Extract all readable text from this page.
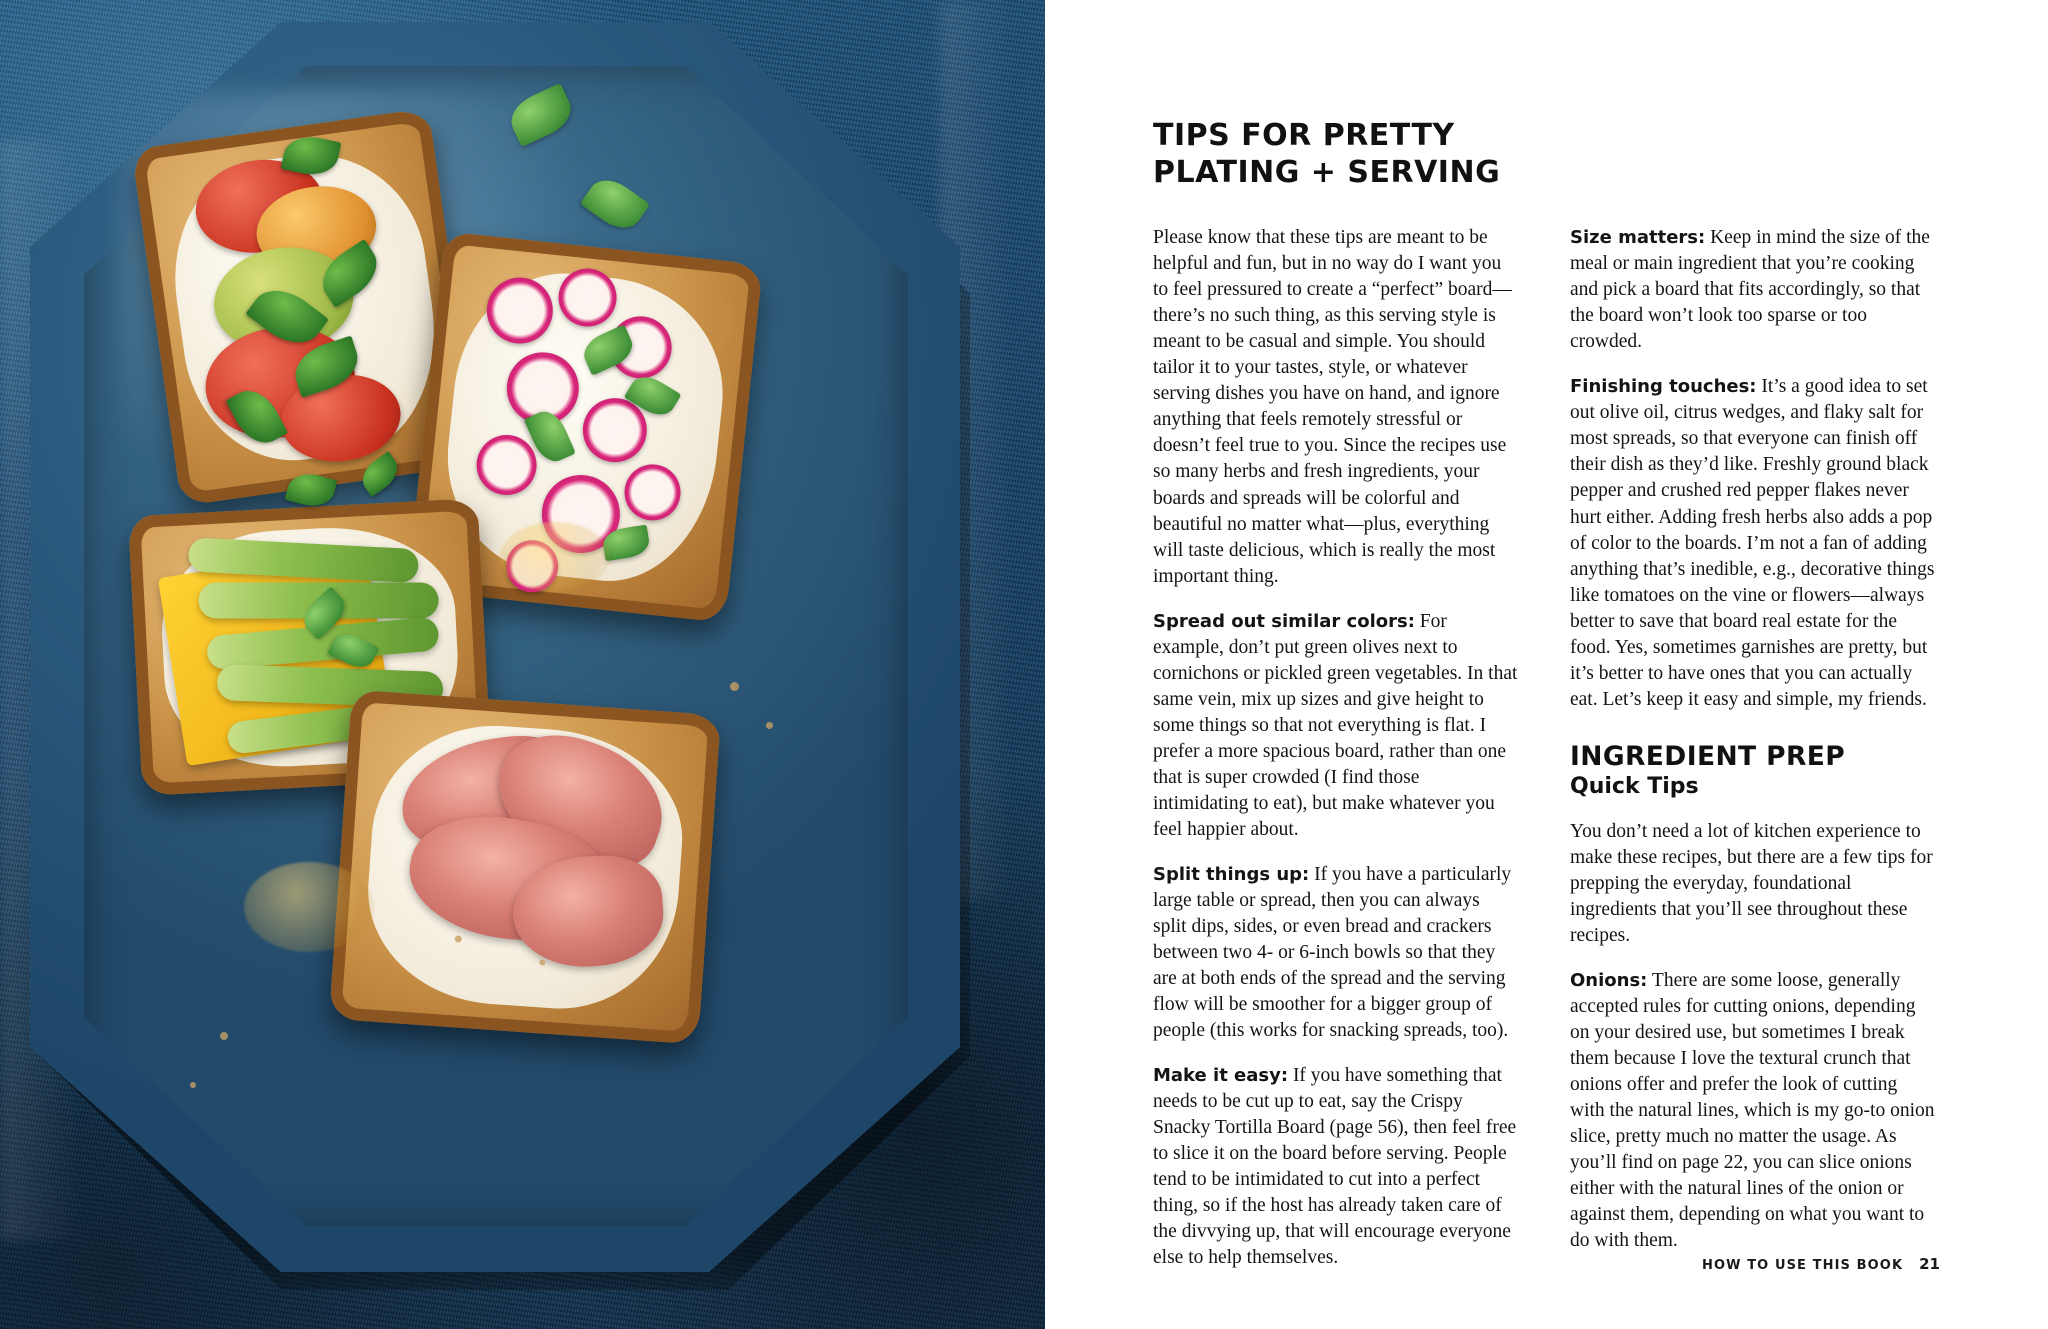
TIPS FOR PRETTY
PLATING + SERVING

Please know that these tips are meant to be helpful and fun, but in no way do I want you to feel pressured to create a “perfect” board—there’s no such thing, as this serving style is meant to be casual and simple. You should tailor it to your tastes, style, or whatever serving dishes you have on hand, and ignore anything that feels remotely stressful or doesn’t feel true to you. Since the recipes use so many herbs and fresh ingredients, your boards and spreads will be colorful and beautiful no matter what—plus, everything will taste delicious, which is really the most important thing.

Spread out similar colors: For example, don’t put green olives next to cornichons or pickled green vegetables. In that same vein, mix up sizes and give height to some things so that not everything is flat. I prefer a more spacious board, rather than one that is super crowded (I find those intimidating to eat), but make whatever you feel happier about.

Split things up: If you have a particularly large table or spread, then you can always split dips, sides, or even bread and crackers between two 4- or 6-inch bowls so that they are at both ends of the spread and the serving flow will be smoother for a bigger group of people (this works for snacking spreads, too).

Make it easy: If you have something that needs to be cut up to eat, say the Crispy Snacky Tortilla Board (page 56), then feel free to slice it on the board before serving. People tend to be intimidated to cut into a perfect thing, so if the host has already taken care of the divvying up, that will encourage everyone else to help themselves.

Size matters: Keep in mind the size of the meal or main ingredient that you’re cooking and pick a board that fits accordingly, so that the board won’t look too sparse or too crowded.

Finishing touches: It’s a good idea to set out olive oil, citrus wedges, and flaky salt for most spreads, so that everyone can finish off their dish as they’d like. Freshly ground black pepper and crushed red pepper flakes never hurt either. Adding fresh herbs also adds a pop of color to the boards. I’m not a fan of adding anything that’s inedible, e.g., decorative things like tomatoes on the vine or flowers—always better to save that board real estate for the food. Yes, sometimes garnishes are pretty, but it’s better to have ones that you can actually eat. Let’s keep it easy and simple, my friends.

INGREDIENT PREP
Quick Tips

You don’t need a lot of kitchen experience to make these recipes, but there are a few tips for prepping the everyday, foundational ingredients that you’ll see throughout these recipes.

Onions: There are some loose, generally accepted rules for cutting onions, depending on your desired use, but sometimes I break them because I love the textural crunch that onions offer and prefer the look of cutting with the natural lines, which is my go-to onion slice, pretty much no matter the usage. As you’ll find on page 22, you can slice onions either with the natural lines of the onion or against them, depending on what you want to do with them.

HOW TO USE THIS BOOK 21
